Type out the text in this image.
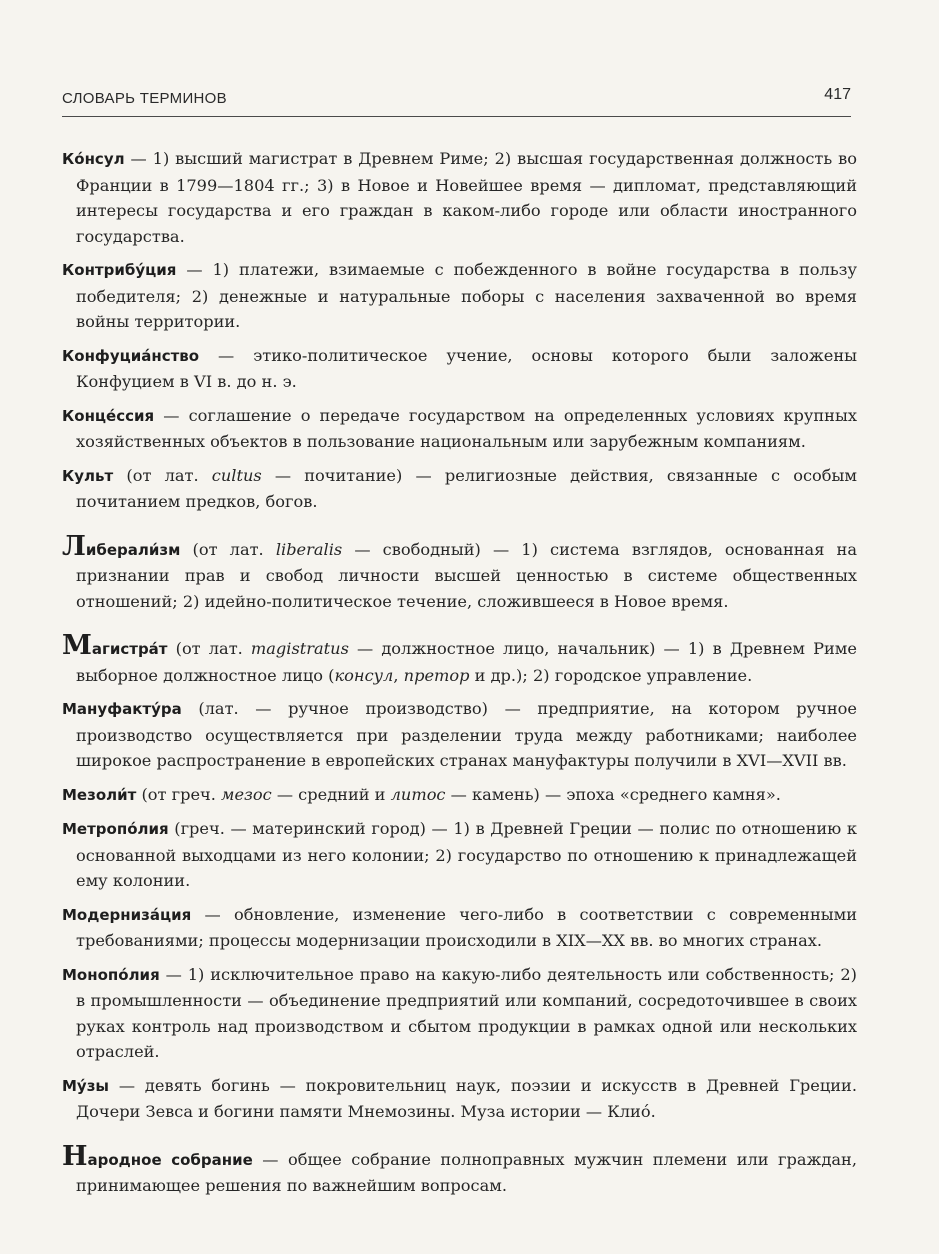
СЛОВАРЬ ТЕРМИНОВ	417

Ко́нсул — 1) высший магистрат в Древнем Риме; 2) высшая государственная должность во Франции в 1799—1804 гг.; 3) в Новое и Новейшее время — дипломат, представляющий интересы государства и его граждан в каком-либо городе или области иностранного государства.

Контрибу́ция — 1) платежи, взимаемые с побежденного в войне государства в пользу победителя; 2) денежные и натуральные поборы с населения захваченной во время войны территории.

Конфуциа́нство — этико-политическое учение, основы которого были заложены Конфуцием в VI в. до н. э.

Конце́ссия — соглашение о передаче государством на определенных условиях крупных хозяйственных объектов в пользование национальным или зарубежным компаниям.

Культ (от лат. cultus — почитание) — религиозные действия, связанные с особым почитанием предков, богов.

Либерали́зм (от лат. liberalis — свободный) — 1) система взглядов, основанная на признании прав и свобод личности высшей ценностью в системе общественных отношений; 2) идейно-политическое течение, сложившееся в Новое время.

Магистра́т (от лат. magistratus — должностное лицо, начальник) — 1) в Древнем Риме выборное должностное лицо (консул, претор и др.); 2) городское управление.

Мануфакту́ра (лат. — ручное производство) — предприятие, на котором ручное производство осуществляется при разделении труда между работниками; наиболее широкое распространение в европейских странах мануфактуры получили в XVI—XVII вв.

Мезоли́т (от греч. мезос — средний и литос — камень) — эпоха «среднего камня».

Метропо́лия (греч. — материнский город) — 1) в Древней Греции — полис по отношению к основанной выходцами из него колонии; 2) государство по отношению к принадлежащей ему колонии.

Модерниза́ция — обновление, изменение чего-либо в соответствии с современными требованиями; процессы модернизации происходили в XIX—XX вв. во многих странах.

Монопо́лия — 1) исключительное право на какую-либо деятельность или собственность; 2) в промышленности — объединение предприятий или компаний, сосредоточившее в своих руках контроль над производством и сбытом продукции в рамках одной или нескольких отраслей.

Му́зы — девять богинь — покровительниц наук, поэзии и искусств в Древней Греции. Дочери Зевса и богини памяти Мнемозины. Муза истории — Клио́.

Народное собрание — общее собрание полноправных мужчин племени или граждан, принимающее решения по важнейшим вопросам.
